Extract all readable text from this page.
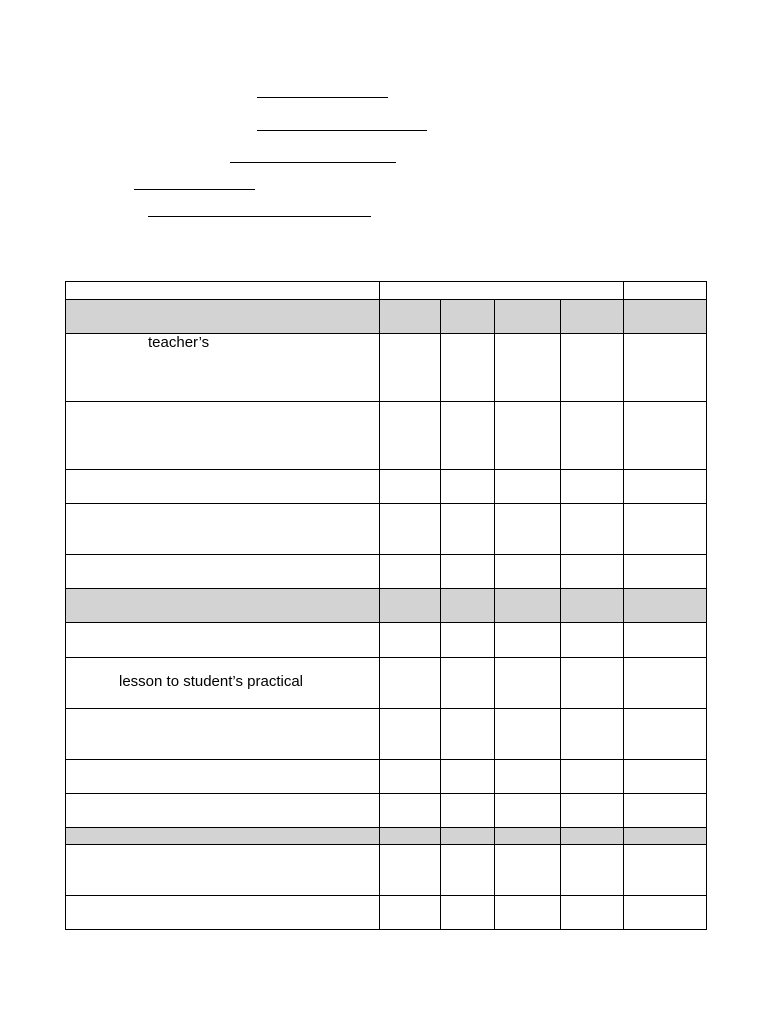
teacher’s
lesson to student’s practical
